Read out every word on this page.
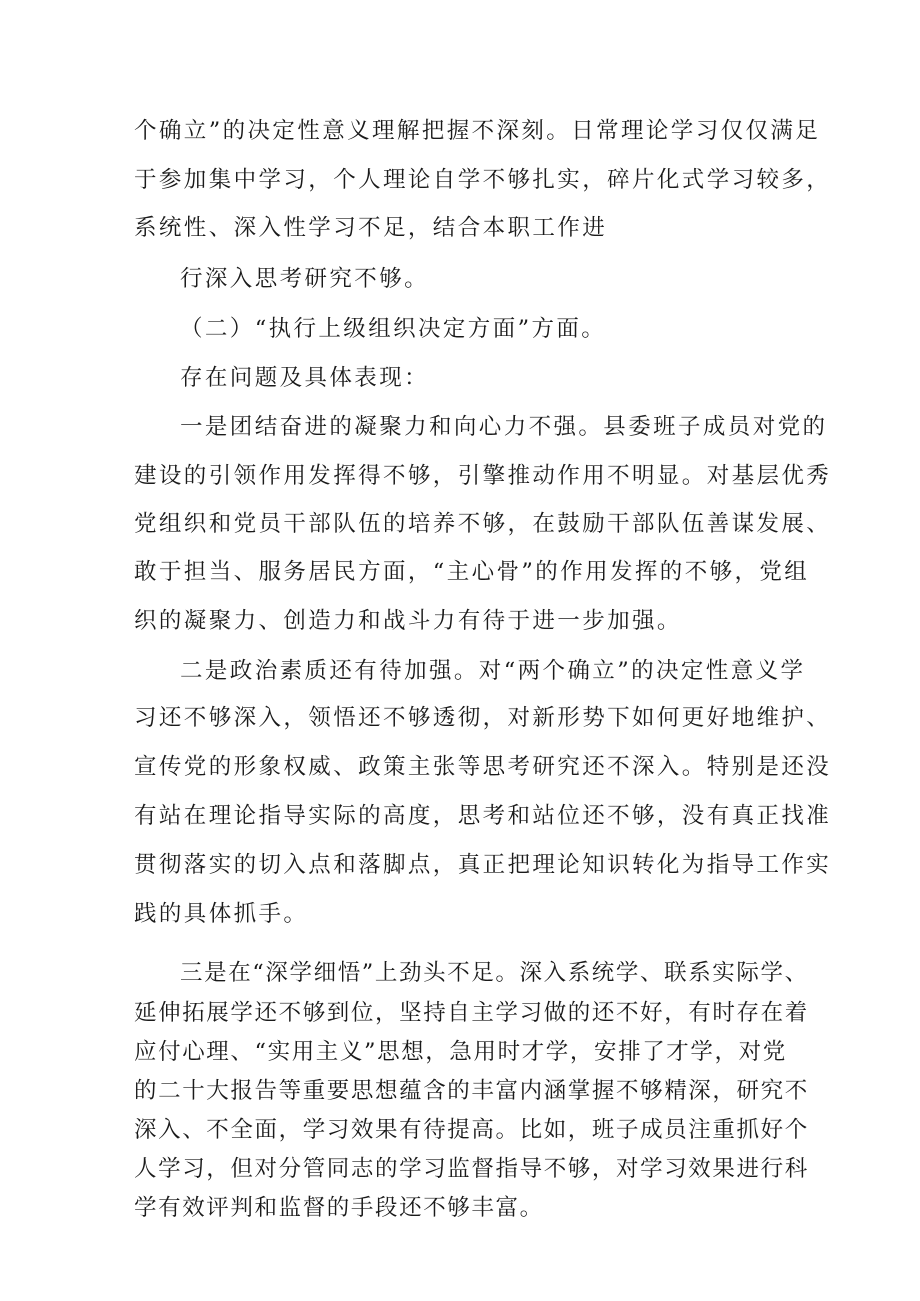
个确立”的决定性意义理解把握不深刻。日常理论学习仅仅满足
于参加集中学习，个人理论自学不够扎实，碎片化式学习较多，
系统性、深入性学习不足，结合本职工作进
行深入思考研究不够。
（二）“执行上级组织决定方面”方面。
存在问题及具体表现：
一是团结奋进的凝聚力和向心力不强。县委班子成员对党的
建设的引领作用发挥得不够，引擎推动作用不明显。对基层优秀
党组织和党员干部队伍的培养不够，在鼓励干部队伍善谋发展、
敢于担当、服务居民方面，“主心骨”的作用发挥的不够，党组
织的凝聚力、创造力和战斗力有待于进一步加强。
二是政治素质还有待加强。对“两个确立”的决定性意义学
习还不够深入，领悟还不够透彻，对新形势下如何更好地维护、
宣传党的形象权威、政策主张等思考研究还不深入。特别是还没
有站在理论指导实际的高度，思考和站位还不够，没有真正找准
贯彻落实的切入点和落脚点，真正把理论知识转化为指导工作实
践的具体抓手。
三是在“深学细悟”上劲头不足。深入系统学、联系实际学、
延伸拓展学还不够到位，坚持自主学习做的还不好，有时存在着
应付心理、“实用主义”思想，急用时才学，安排了才学，对党
的二十大报告等重要思想蕴含的丰富内涵掌握不够精深，研究不
深入、不全面，学习效果有待提高。比如，班子成员注重抓好个
人学习，但对分管同志的学习监督指导不够，对学习效果进行科
学有效评判和监督的手段还不够丰富。
